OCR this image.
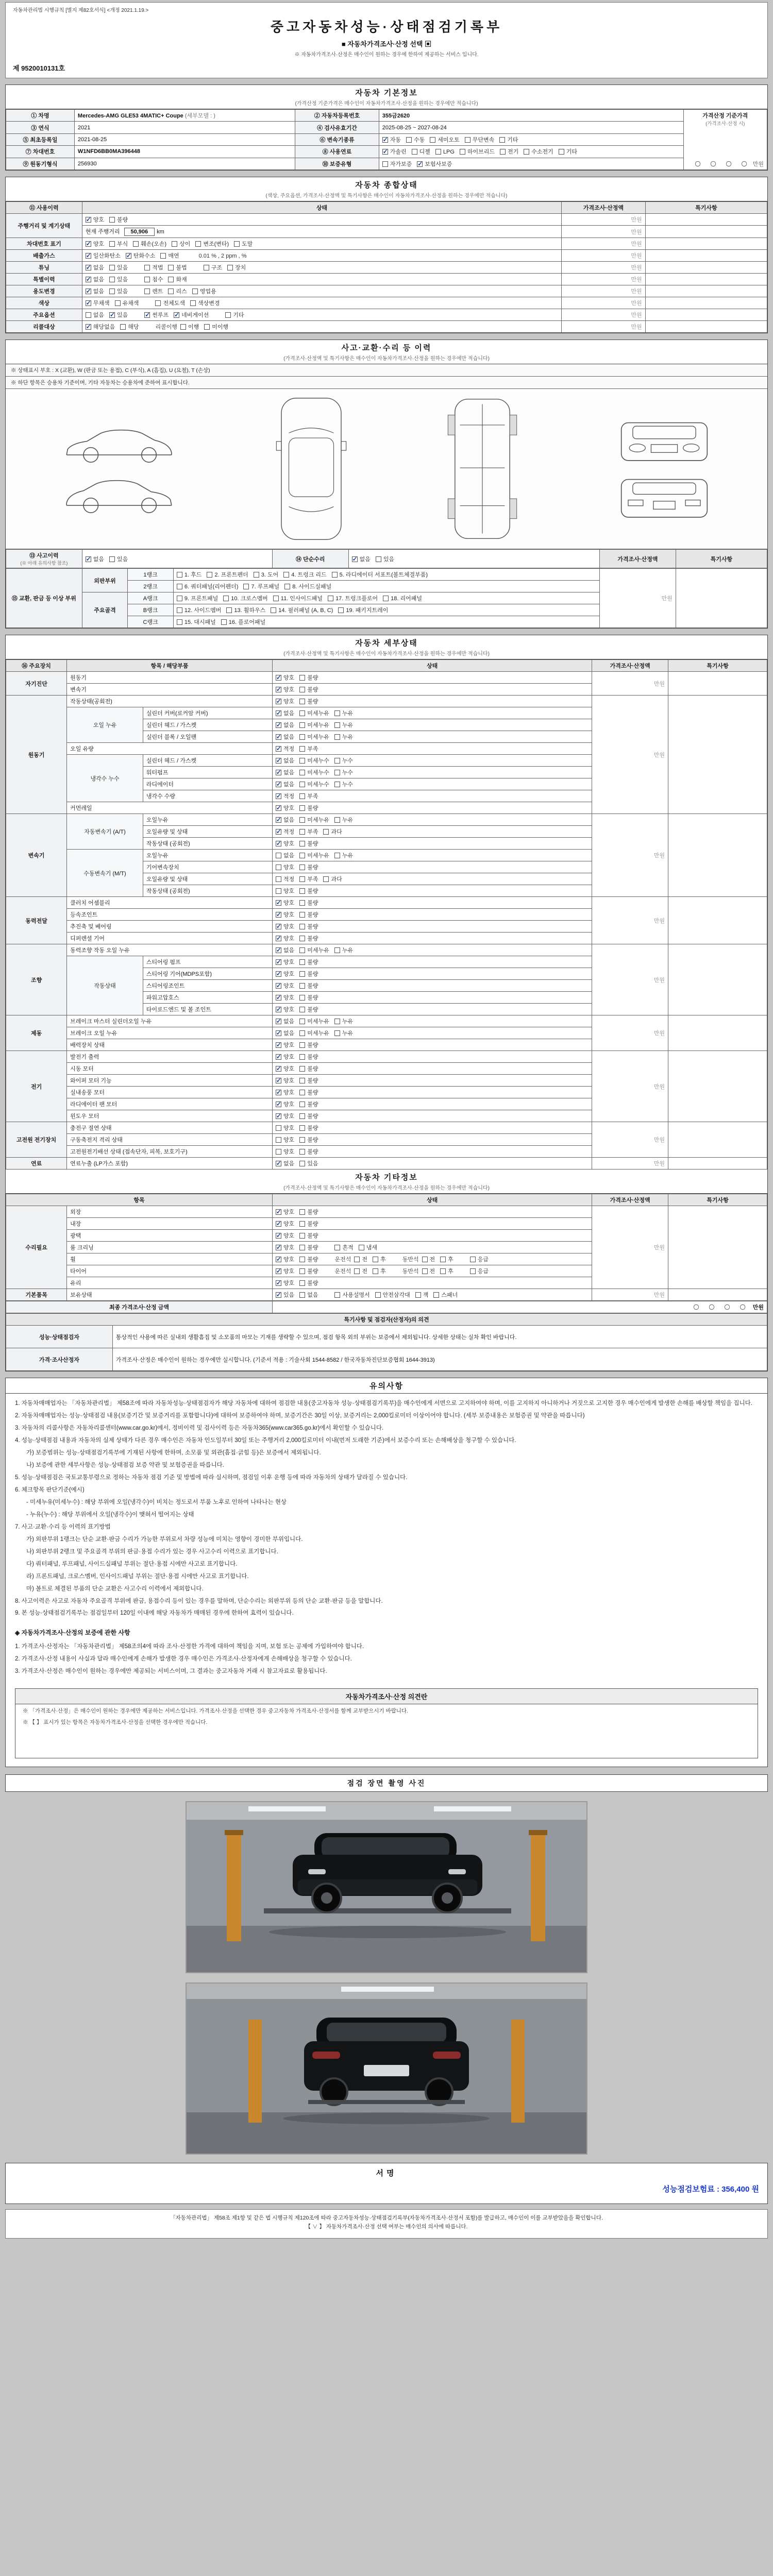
자동차관리법 시행규칙 [별지 제82호서식] <개정 2021.1.19.>
중고자동차성능·상태점검기록부
■ 자동차가격조사·산정 선택 ▣
※ 자동차가격조사·산정은 매수인이 원하는 경우에 한하여 제공하는 서비스 입니다.
제 9520010131호
자동차 기본정보
(가격산정 기준가격은 매수인이 자동차가격조사·산정을 원하는 경우에만 적습니다)
① 차명	Mercedes-AMG GLE53 4MATIC+ Coupe (세부모델 : )	② 자동차등록번호	355금2620	가격산정 기준가격
(가격조사·산정 시)
〇 〇 〇 〇 만원

③ 연식	2021	④ 검사유효기간	2025-08-25 ~ 2027-08-24	
⑤ 최초등록일	2021-08-25	⑥ 변속기종류	✓자동 수동 세미오토 무단변속 기타
⑦ 차대번호	W1NFD6BB0MA396448	⑧ 사용연료	✓가솔린 디젤 LPG 하이브리드 전기 수소전기 기타
⑨ 원동기형식	256930	⑩ 보증유형	자가보증 ✓ 보험사보증
자동차 종합상태
(색상, 주요옵션, 가격조사·산정액 및 특기사항은 매수인이 자동차가격조사·산정을 원하는 경우에만 적습니다)
⑪ 사용이력	상태	가격조사·산정액	특기사항
주행거리 및 계기상태	✓양호 불량	만원	
	현재 주행거리 50,906 km	만원	
차대번호 표기	✓양호 부식 훼손(오손) 상이 변조(변타) 도말	만원	
배출가스	✓일산화탄소 ✓ 탄화수소 매연 0.01 % , 2 ppm , %	만원	
튜닝	✓없음 있음 적법 불법 구조 장치	만원	
특별이력	✓없음 있음 침수 화재	만원	
용도변경	✓없음 있음 렌트 리스 영업용	만원	
색상	✓무채색 유채색 전체도색 색상변경	만원	
주요옵션	없음 ✓ 있음 ✓ 썬루프 ✓ 네비게이션 기타	만원	
리콜대상	✓해당없음 해당 리콜이행 이행 미이행	만원	
사고·교환·수리 등 이력
(가격조사·산정액 및 특기사항은 매수인이 자동차가격조사·산정을 원하는 경우에만 적습니다)
※ 상태표시 부호 : X (교환), W (판금 또는 용접), C (부식), A (흠집), U (요철), T (손상)
※ 하단 항목은 승용차 기준이며, 기타 자동차는 승용차에 준하여 표시합니다.
⑬ 사고이력
(※ 아래 유의사항 참조)	✓없음 있음	⑭ 단순수리	✓없음 있음	가격조사·산정액	특기사항
⑮ 교환, 판금 등 이상 부위	외판부위	1랭크	1. 후드 2. 프론트펜더 3. 도어 4. 트렁크 리드 5. 라디에이터 서포트(볼트체결부품)	만원	
		2랭크	6. 쿼터패널(리어펜더) 7. 루프패널 8. 사이드실패널		
	주요골격	A랭크	9. 프론트패널 10. 크로스멤버 11. 인사이드패널 17. 트렁크플로어 18. 리어패널		
		B랭크	12. 사이드멤버 13. 휠하우스 14. 필러패널 (A, B, C) 19. 패키지트레이		
		C랭크	15. 대시패널 16. 플로어패널		
자동차 세부상태
(가격조사·산정액 및 특기사항은 매수인이 자동차가격조사·산정을 원하는 경우에만 적습니다)
⑯ 주요장치	항목 / 해당부품		상태	가격조사·산정액	특기사항
자기진단	원동기	✓양호 불량	만원	
	변속기	✓양호 불량
원동기	작동상태(공회전)	✓양호 불량	만원	
	오일 누유	실린더 커버(로커암 커버)	✓없음 미세누유 누유
		실린더 헤드 / 가스켓	✓없음 미세누유 누유
		실린더 블록 / 오일팬	✓없음 미세누유 누유
	오일 유량	✓적정 부족
	냉각수 누수	실린더 헤드 / 가스켓	✓없음 미세누수 누수
		워터펌프	✓없음 미세누수 누수
		라디에이터	✓없음 미세누수 누수
		냉각수 수량	✓적정 부족
	커먼레일	✓양호 불량
변속기	자동변속기 (A/T)	오일누유	✓없음 미세누유 누유	만원	
		오일유량 및 상태	✓적정 부족 과다
		작동상태 (공회전)	✓양호 불량
	수동변속기 (M/T)	오일누유	없음 미세누유 누유		
		기어변속장치	양호 불량		
		오일유량 및 상태	적정 부족 과다		
		작동상태 (공회전)	양호 불량		
동력전달	클러치 어셈블리	✓양호 불량	만원	
	등속조인트	✓양호 불량
	추진축 및 베어링	✓양호 불량
	디퍼렌셜 기어	✓양호 불량
조향	동력조향 작동 오일 누유	✓없음 미세누유 누유	만원	
	작동상태	스티어링 펌프	✓양호 불량
		스티어링 기어(MDPS포함)	✓양호 불량
		스티어링조인트	✓양호 불량
		파워고압호스	✓양호 불량
		타이로드엔드 및 볼 조인트	✓양호 불량
제동	브레이크 마스터 실린더오일 누유	✓없음 미세누유 누유	만원	
	브레이크 오일 누유	✓없음 미세누유 누유
	배력장치 상태	✓양호 불량
전기	발전기 출력	✓양호 불량	만원	
	시동 모터	✓양호 불량
	와이퍼 모터 기능	✓양호 불량
	실내송풍 모터	✓양호 불량
	라디에이터 팬 모터	✓양호 불량
	윈도우 모터	✓양호 불량
고전원 전기장치	충전구 절연 상태		양호 불량	만원	
	구동축전지 격리 상태		양호 불량		
	고전원전기배선 상태 (접속단자, 피복, 보호기구)		양호 불량		
연료	연료누출 (LP가스 포함)	✓없음 있음	만원	
자동차 기타정보
(가격조사·산정액 및 특기사항은 매수인이 자동차가격조사·산정을 원하는 경우에만 적습니다)
항목		상태	가격조사·산정액	특기사항
수리필요	외장	✓양호 불량	만원	
	내장	✓양호 불량
	광택	✓양호 불량
	룸 크리닝	✓양호 불량 흔적 냄새
	휠	✓양호 불량 운전석 전 후 동반석 전 후 응급
	타이어	✓양호 불량 운전석 전 후 동반석 전 후 응급
	유리	✓양호 불량
기본품목	보유상태	✓있음 없음 사용설명서 안전삼각대 잭 스패너	만원	
최종 가격조사·산정 금액	〇 〇 〇 〇 만원
특기사항 및 점검자(산정자)의 의견	
성능·상태점검자	통상적인 사용에 따른 실내외 생활흠집 및 소모품의 마모는 기재를 생략할 수 있으며, 점검 항목 외의 부위는 보증에서 제외됩니다. 상세한 상태는 실차 확인 바랍니다.
가격·조사산정자	가격조사·산정은 매수인이 원하는 경우에만 실시합니다. (기준서 적용 : 기술사회 1544-8582 / 한국자동차진단보증협회 1644-3913)
유의사항
1. 자동차매매업자는 「자동차관리법」 제58조에 따라 자동차성능·상태점검자가 해당 자동차에 대하여 점검한 내용(중고자동차 성능·상태점검기록부)을 매수인에게 서면으로 고지하여야 하며, 이를 고지하지 아니하거나 거짓으로 고지한 경우 매수인에게 발생한 손해를 배상할 책임을 집니다.
2. 자동차매매업자는 성능·상태점검 내용(보증기간 및 보증거리를 포함합니다)에 대하여 보증하여야 하며, 보증기간은 30일 이상, 보증거리는 2,000킬로미터 이상이어야 합니다. (세부 보증내용은 보험증권 및 약관을 따릅니다)
3. 자동차의 리콜사항은 자동차리콜센터(www.car.go.kr)에서, 정비이력 및 검사이력 등은 자동차365(www.car365.go.kr)에서 확인할 수 있습니다.
4. 성능·상태점검 내용과 자동차의 실제 상태가 다른 경우 매수인은 자동차 인도일부터 30일 또는 주행거리 2,000킬로미터 이내(먼저 도래한 기준)에서 보증수리 또는 손해배상을 청구할 수 있습니다.
가) 보증범위는 성능·상태점검기록부에 기재된 사항에 한하며, 소모품 및 외관(흠집·긁힘 등)은 보증에서 제외됩니다.
나) 보증에 관한 세부사항은 성능·상태점검 보증 약관 및 보험증권을 따릅니다.
5. 성능·상태점검은 국토교통부령으로 정하는 자동차 점검 기준 및 방법에 따라 실시하며, 점검일 이후 운행 등에 따라 자동차의 상태가 달라질 수 있습니다.
6. 체크항목 판단기준(예시)
- 미세누유(미세누수) : 해당 부위에 오일(냉각수)이 비치는 정도로서 부품 노후로 인하여 나타나는 현상
- 누유(누수) : 해당 부위에서 오일(냉각수)이 맺혀서 떨어지는 상태
7. 사고·교환·수리 등 이력의 표기방법
가) 외판부위 1랭크는 단순 교환·판금 수리가 가능한 부위로서 차량 성능에 미치는 영향이 경미한 부위입니다.
나) 외판부위 2랭크 및 주요골격 부위의 판금·용접 수리가 있는 경우 사고수리 이력으로 표기합니다.
다) 쿼터패널, 루프패널, 사이드실패널 부위는 절단·용접 시에만 사고로 표기합니다.
라) 프론트패널, 크로스멤버, 인사이드패널 부위는 절단·용접 시에만 사고로 표기합니다.
마) 볼트로 체결된 부품의 단순 교환은 사고수리 이력에서 제외합니다.
8. 사고이력은 사고로 자동차 주요골격 부위에 판금, 용접수리 등이 있는 경우를 말하며, 단순수리는 외판부위 등의 단순 교환·판금 등을 말합니다.
9. 본 성능·상태점검기록부는 점검일부터 120일 이내에 해당 자동차가 매매된 경우에 한하여 효력이 있습니다.
◈ 자동차가격조사·산정의 보증에 관한 사항
1. 가격조사·산정자는 「자동차관리법」 제58조의4에 따라 조사·산정한 가격에 대하여 책임을 지며, 보험 또는 공제에 가입하여야 합니다.
2. 가격조사·산정 내용이 사실과 달라 매수인에게 손해가 발생한 경우 매수인은 가격조사·산정자에게 손해배상을 청구할 수 있습니다.
3. 가격조사·산정은 매수인이 원하는 경우에만 제공되는 서비스이며, 그 결과는 중고자동차 거래 시 참고자료로 활용됩니다.
자동차가격조사·산정 의견란
※ 「가격조사·산정」은 매수인이 원하는 경우에만 제공하는 서비스입니다. 가격조사·산정을 선택한 경우 중고자동차 가격조사·산정서를 함께 교부받으시기 바랍니다.
※ 【 】 표시가 있는 항목은 자동차가격조사·산정을 선택한 경우에만 적습니다.
점검 장면 촬영 사진
서명
성능점검보험료 : 356,400 원
「자동차관리법」 제58조 제1항 및 같은 법 시행규칙 제120조에 따라 중고자동차성능·상태점검기록부(자동차가격조사·산정서 포함)를 발급하고, 매수인이 이를 교부받았음을 확인합니다.
【 ∨ 】 자동차가격조사·산정 선택 여부는 매수인의 의사에 따릅니다.
